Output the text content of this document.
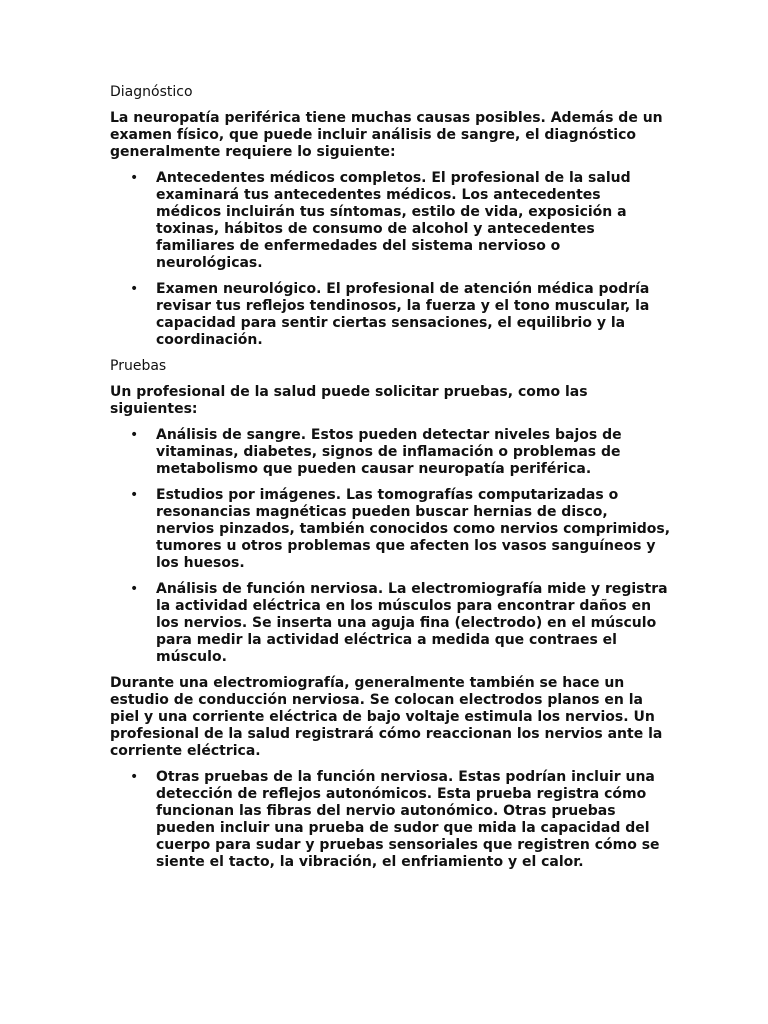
Diagnóstico
La neuropatía periférica tiene muchas causas posibles. Además de un examen físico, que puede incluir análisis de sangre, el diagnóstico generalmente requiere lo siguiente:
• Antecedentes médicos completos. El profesional de la salud examinará tus antecedentes médicos. Los antecedentes médicos incluirán tus síntomas, estilo de vida, exposición a toxinas, hábitos de consumo de alcohol y antecedentes familiares de enfermedades del sistema nervioso o neurológicas.
• Examen neurológico. El profesional de atención médica podría revisar tus reflejos tendinosos, la fuerza y el tono muscular, la capacidad para sentir ciertas sensaciones, el equilibrio y la coordinación.
Pruebas
Un profesional de la salud puede solicitar pruebas, como las siguientes:
• Análisis de sangre. Estos pueden detectar niveles bajos de vitaminas, diabetes, signos de inflamación o problemas de metabolismo que pueden causar neuropatía periférica.
• Estudios por imágenes. Las tomografías computarizadas o resonancias magnéticas pueden buscar hernias de disco, nervios pinzados, también conocidos como nervios comprimidos, tumores u otros problemas que afecten los vasos sanguíneos y los huesos.
• Análisis de función nerviosa. La electromiografía mide y registra la actividad eléctrica en los músculos para encontrar daños en los nervios. Se inserta una aguja fina (electrodo) en el músculo para medir la actividad eléctrica a medida que contraes el músculo.
Durante una electromiografía, generalmente también se hace un estudio de conducción nerviosa. Se colocan electrodos planos en la piel y una corriente eléctrica de bajo voltaje estimula los nervios. Un profesional de la salud registrará cómo reaccionan los nervios ante la corriente eléctrica.
• Otras pruebas de la función nerviosa. Estas podrían incluir una detección de reflejos autonómicos. Esta prueba registra cómo funcionan las fibras del nervio autonómico. Otras pruebas pueden incluir una prueba de sudor que mida la capacidad del cuerpo para sudar y pruebas sensoriales que registren cómo se siente el tacto, la vibración, el enfriamiento y el calor.
